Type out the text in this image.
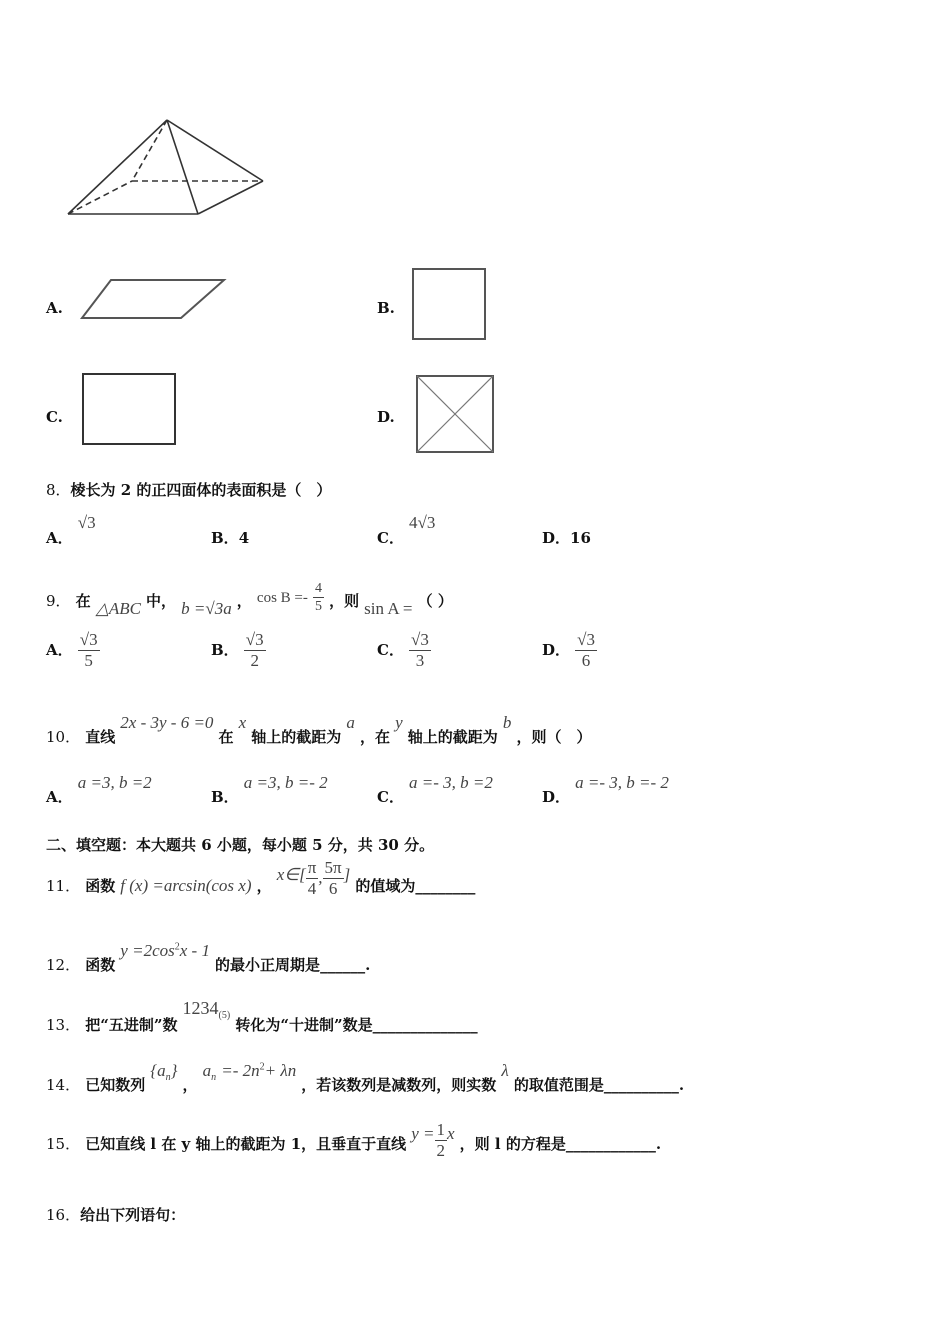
A.	B.
C.	D.
8．棱长为 2 的正四面体的表面积是（　）
A． √3
B．4	C． 4√3
D．16
9． 在 △ABC 中， b =√3a ， $\cos B =- \frac{4}{5}$ ，则 sin A = （ ）
A． $\frac{√3}{5}$	B． $\frac{√3}{2}$	C． $\frac{√3}{3}$	D． $\frac{√3}{6}$
10． 直线 2x - 3y - 6 =0 在 x 轴上的截距为 a ，在 y 轴上的截距为 b ，则（　）
A． a =3, b =2
B． a =3, b =- 2
C． a =- 3, b =2
D． a =- 3, b =- 2
二、填空题：本大题共 6 小题，每小题 5 分，共 30 分。
11． 函数 f (x) =arcsin(cos x) ， x∈[ $\frac{\pi}{4}$ , $\frac{5\pi}{6}$ ] 的值域为________
12． 函数 $y =2\cos^2x - 1$ 的最小正周期是______.
13． 把“五进制”数 $1234_{(5)}$ 转化为“十进制”数是______________
14． 已知数列 $\{a_n\}$ ， $a_n =- 2n^2+ \lambda n$ ，若该数列是减数列，则实数 λ 的取值范围是__________.
15． 已知直线 l 在 y 轴上的截距为 1，且垂直于直线 $y = \frac{1}{2}$ x ，则 l 的方程是____________.
16．给出下列语句：
